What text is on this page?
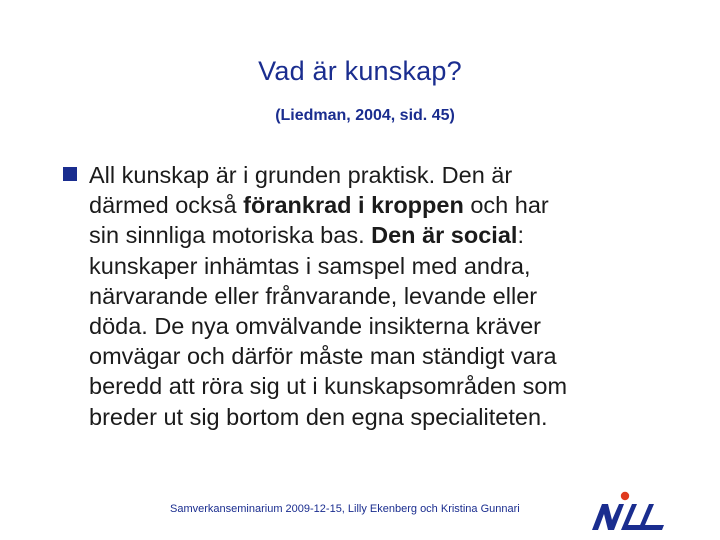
Vad är kunskap?
(Liedman, 2004, sid. 45)
All kunskap är i grunden praktisk. Den är
därmed också förankrad i kroppen och har
sin sinnliga motoriska bas. Den är social:
kunskaper inhämtas i samspel med andra,
närvarande eller frånvarande, levande eller
döda. De nya omvälvande insikterna kräver
omvägar och därför måste man ständigt vara
beredd att röra sig ut i kunskapsområden som
breder ut sig bortom den egna specialiteten.
Samverkanseminarium 2009-12-15, Lilly Ekenberg och Kristina Gunnari
